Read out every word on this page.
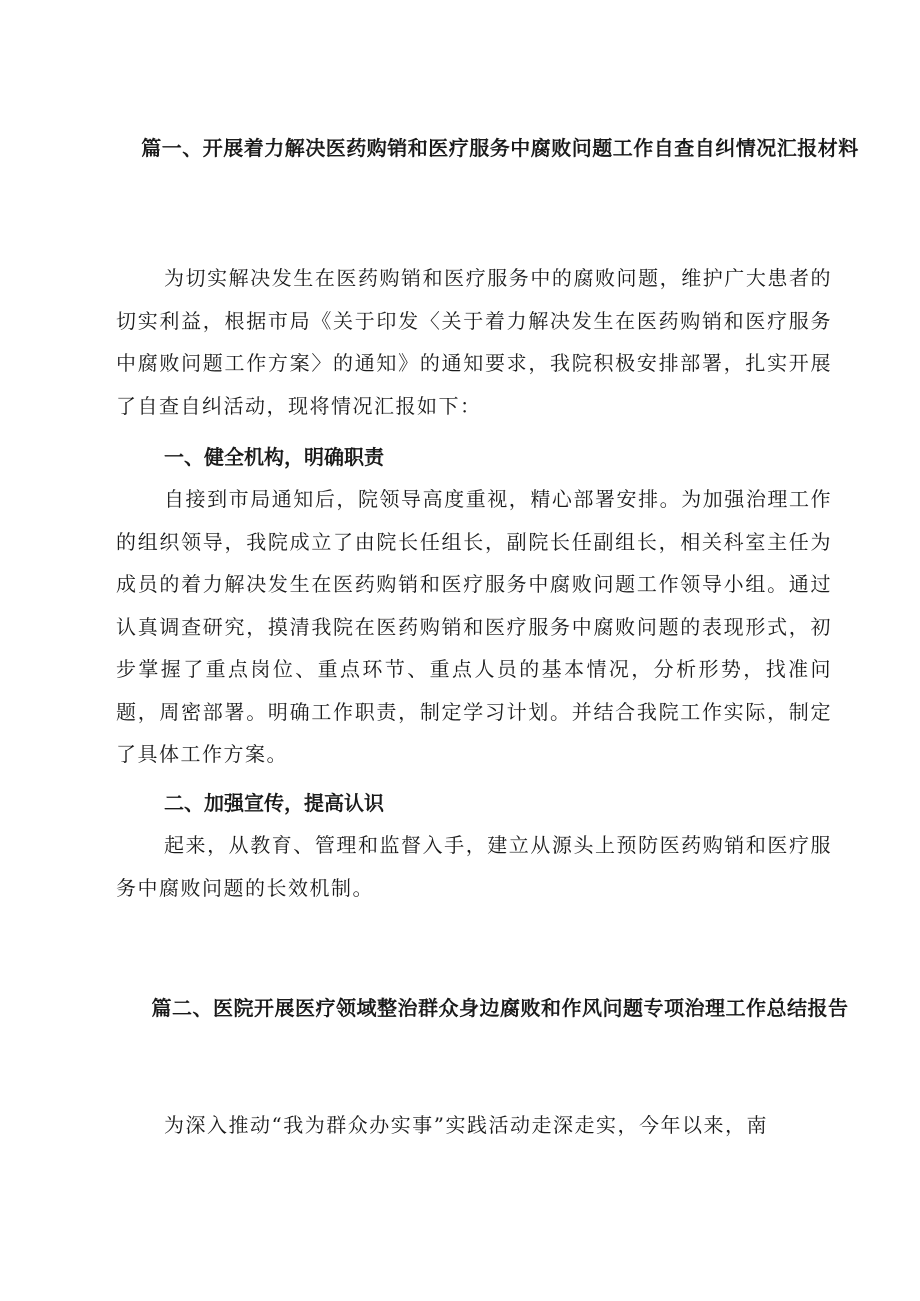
篇一、开展着力解决医药购销和医疗服务中腐败问题工作自查自纠情况汇报材料

为切实解决发生在医药购销和医疗服务中的腐败问题，维护广大患者的切实利益，根据市局《关于印发〈关于着力解决发生在医药购销和医疗服务中腐败问题工作方案〉的通知》的通知要求，我院积极安排部署，扎实开展了自查自纠活动，现将情况汇报如下：

一、健全机构，明确职责

自接到市局通知后，院领导高度重视，精心部署安排。为加强治理工作的组织领导，我院成立了由院长任组长，副院长任副组长，相关科室主任为成员的着力解决发生在医药购销和医疗服务中腐败问题工作领导小组。通过认真调查研究，摸清我院在医药购销和医疗服务中腐败问题的表现形式，初步掌握了重点岗位、重点环节、重点人员的基本情况，分析形势，找准问题，周密部署。明确工作职责，制定学习计划。并结合我院工作实际，制定了具体工作方案。

二、加强宣传，提高认识

起来，从教育、管理和监督入手，建立从源头上预防医药购销和医疗服务中腐败问题的长效机制。

篇二、医院开展医疗领域整治群众身边腐败和作风问题专项治理工作总结报告

为深入推动“我为群众办实事”实践活动走深走实，今年以来，南
